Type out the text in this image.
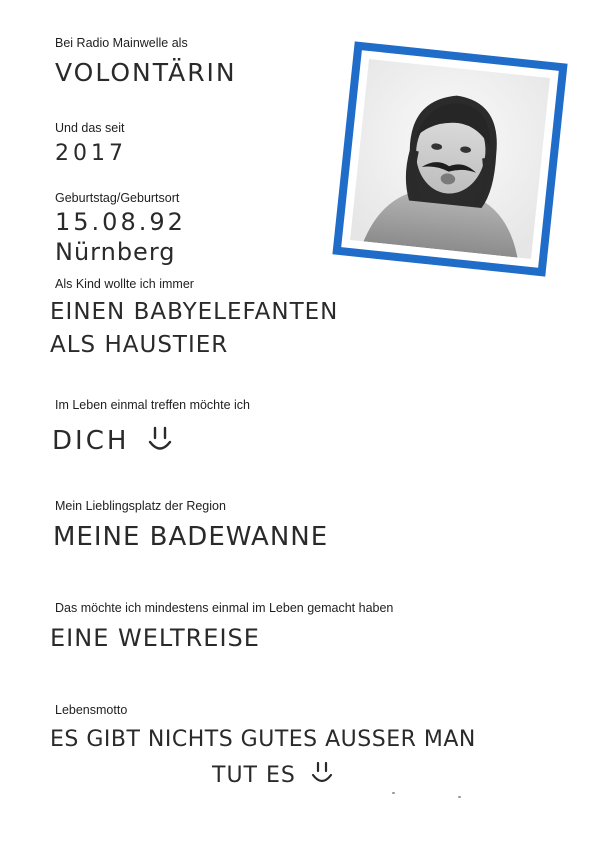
Bei Radio Mainwelle als
VOLONTÄRIN
Und das seit
2017
Geburtstag/Geburtsort
15.08.92
Nürnberg
Als Kind wollte ich immer
EINEN BABYELEFANTEN
ALS HAUSTIER
Im Leben einmal treffen möchte ich
DICH
Mein Lieblingsplatz der Region
MEINE BADEWANNE
Das möchte ich mindestens einmal im Leben gemacht haben
EINE WELTREISE
Lebensmotto
ES GIBT NICHTS GUTES AUSSER MAN
TUT ES
